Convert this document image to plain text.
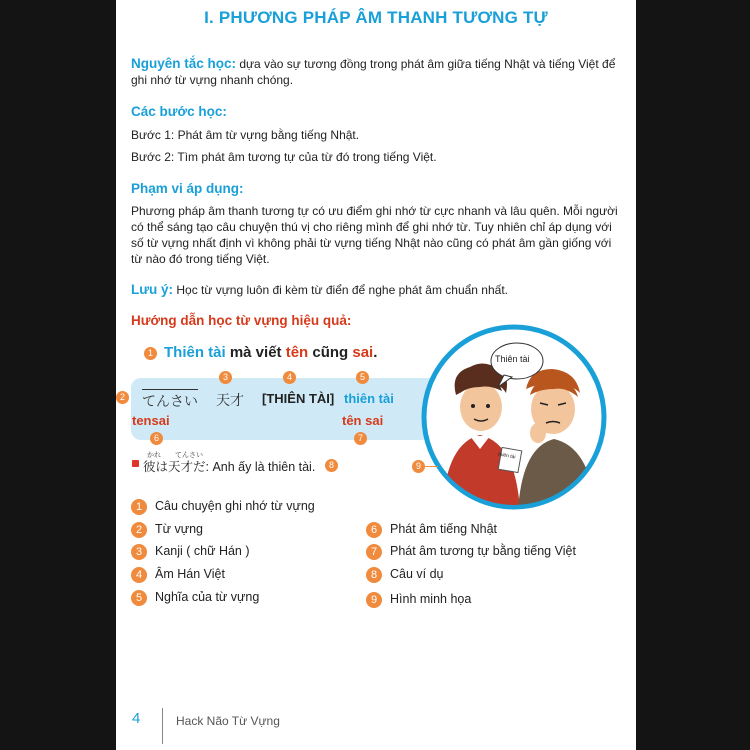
I. PHƯƠNG PHÁP ÂM THANH TƯƠNG TỰ
Nguyên tắc học: dựa vào sự tương đồng trong phát âm giữa tiếng Nhật và tiếng Việt để ghi nhớ từ vựng nhanh chóng.
Các bước học:
Bước 1: Phát âm từ vựng bằng tiếng Nhật.
Bước 2: Tìm phát âm tương tự của từ đó trong tiếng Việt.
Phạm vi áp dụng:
Phương pháp âm thanh tương tự có ưu điểm ghi nhớ từ cực nhanh và lâu quên. Mỗi người có thể sáng tạo câu chuyện thú vị cho riêng mình để ghi nhớ từ. Tuy nhiên chỉ áp dụng với số từ vựng nhất định vì không phải từ vựng tiếng Nhật nào cũng có phát âm gần giống với từ nào đó trong tiếng Việt.
Lưu ý: Học từ vựng luôn đi kèm từ điển để nghe phát âm chuẩn nhất.
Hướng dẫn học từ vựng hiệu quả:
1 Thiên tài mà viết tên cũng sai.
3	4	5
2 てんさい 天才 [THIÊN TÀI] thiên tài
tensai	tên sai
6	7
かれ てんさい
彼は天才だ: Anh ấy là thiên tài.	8
Thiên tài
thiên tài
9
1 Câu chuyện ghi nhớ từ vựng
2 Từ vựng
3 Kanji ( chữ Hán )
4 Âm Hán Việt
5 Nghĩa của từ vựng
6 Phát âm tiếng Nhật
7 Phát âm tương tự bằng tiếng Việt
8 Câu ví dụ
9 Hình minh họa
4	Hack Não Từ Vựng
